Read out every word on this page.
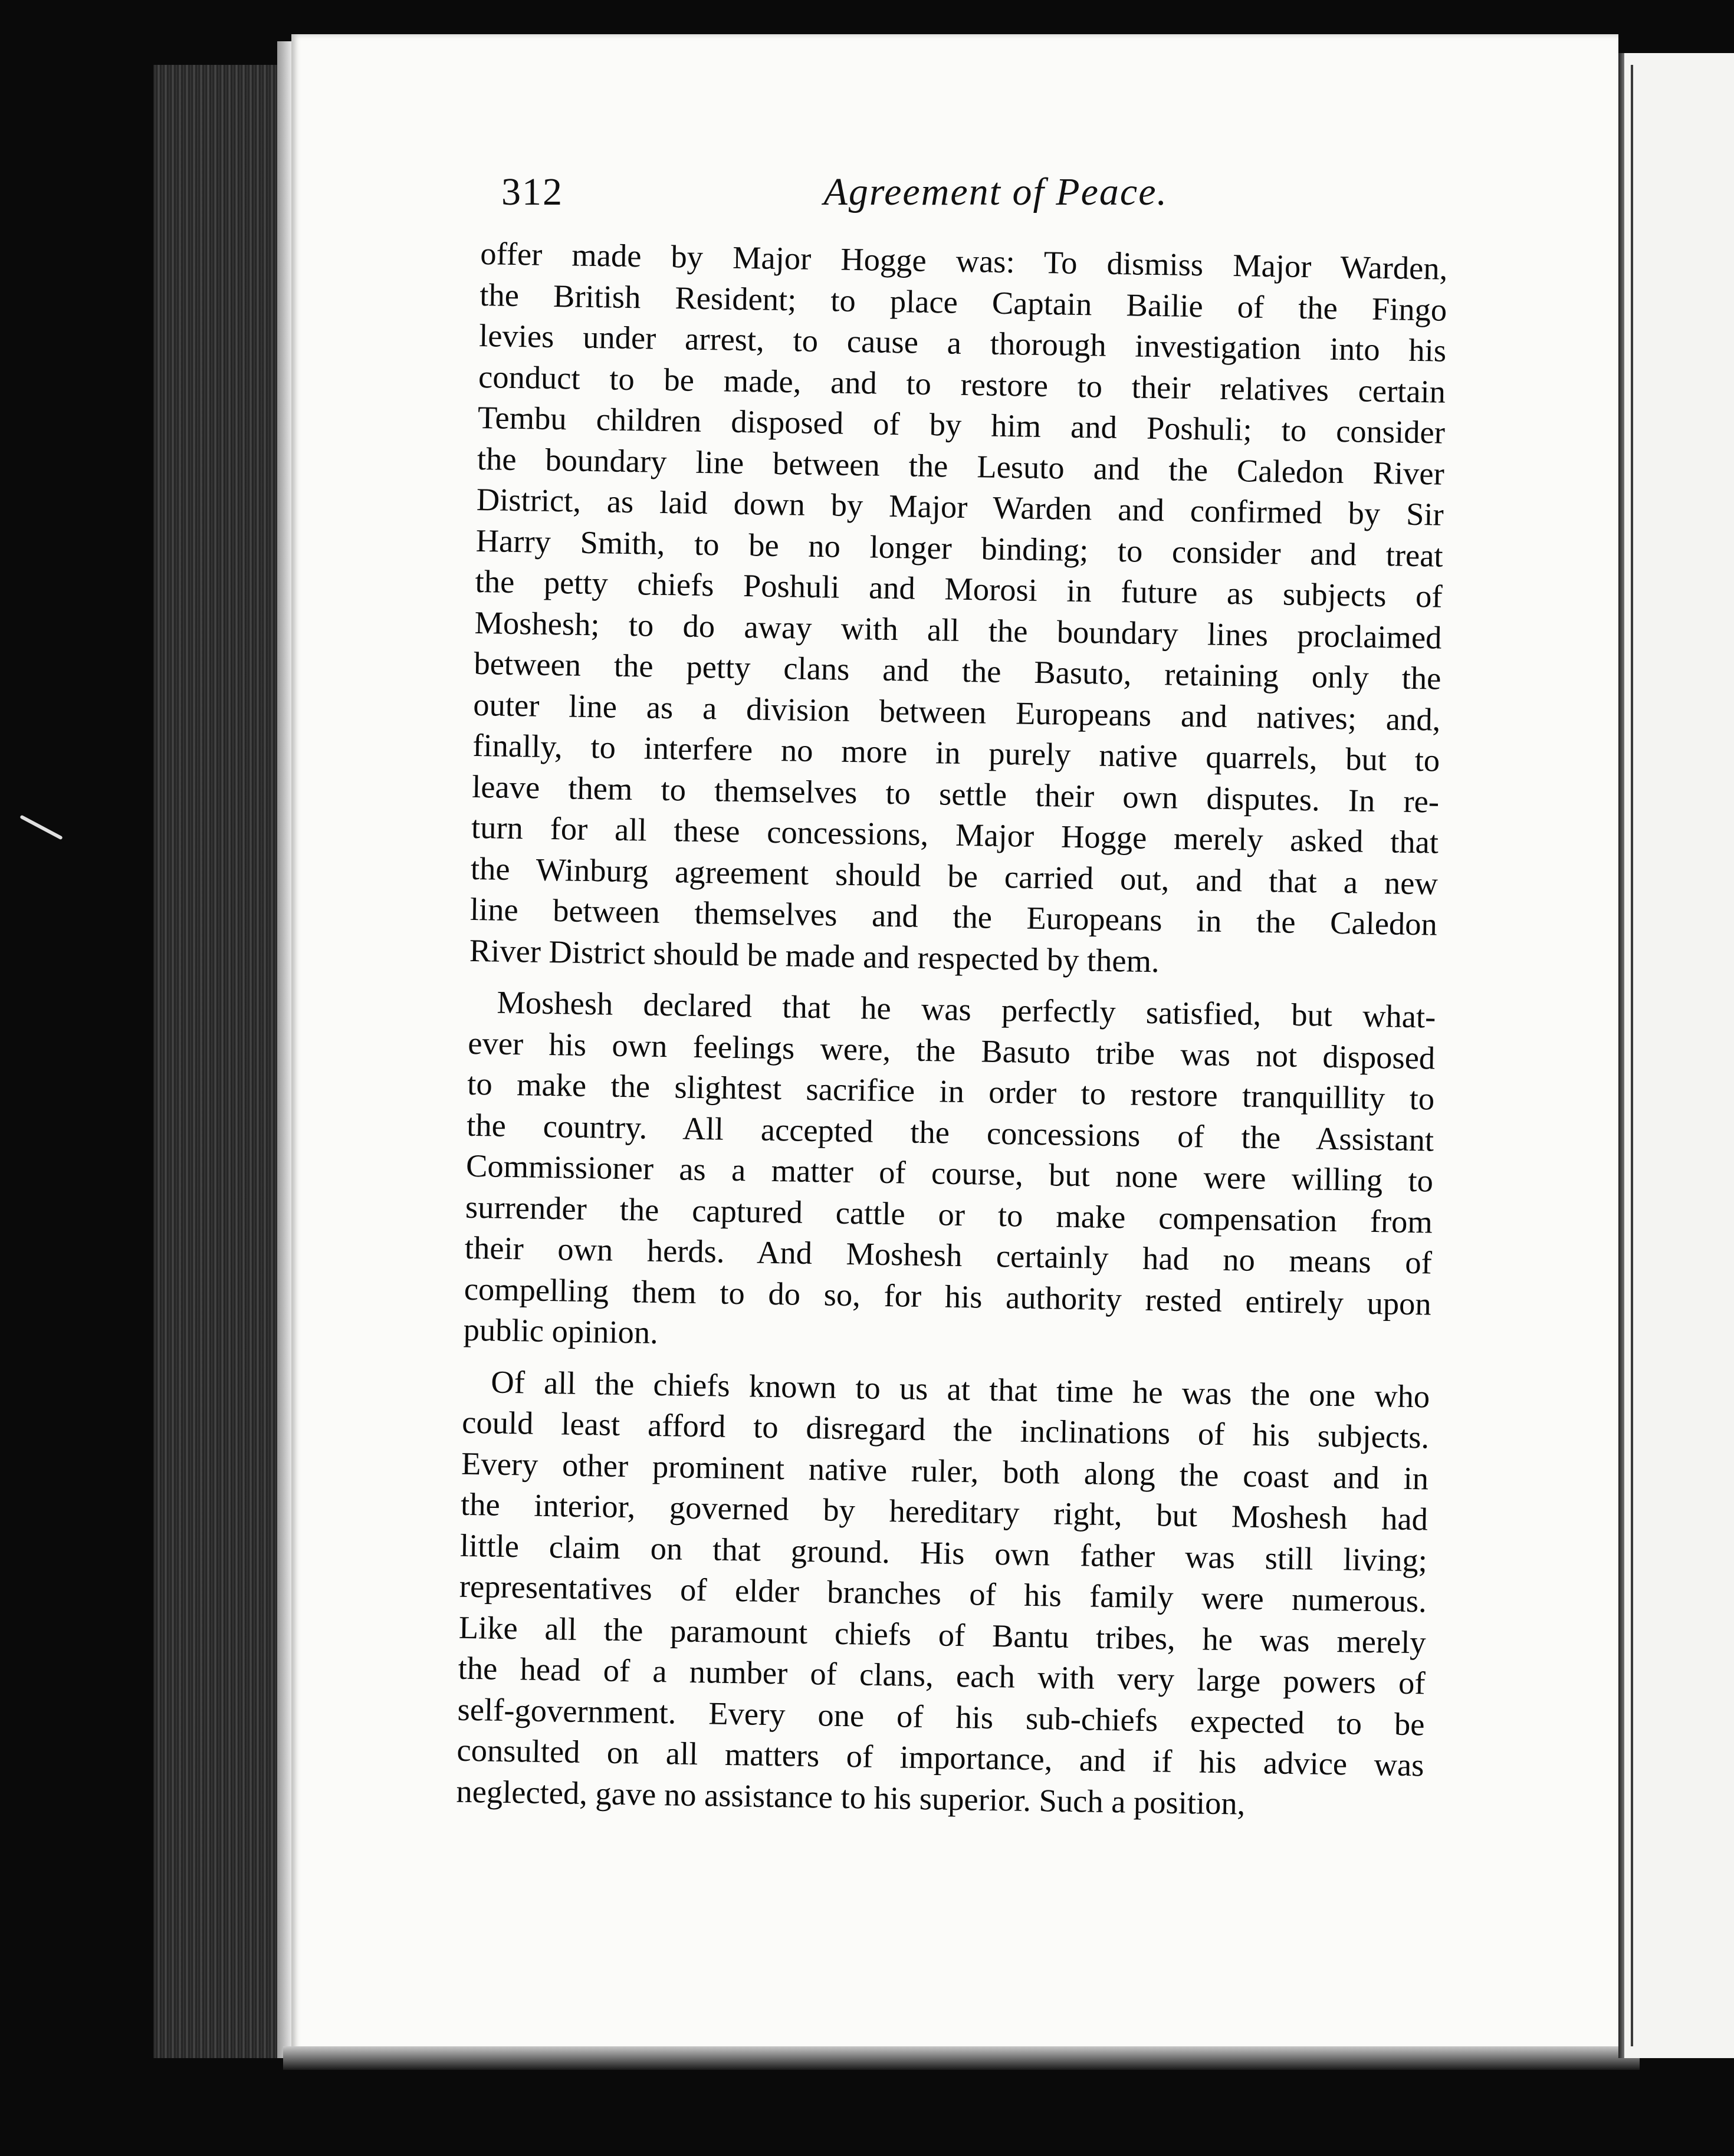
312	Agreement of Peace.
offer made by Major Hogge was: To dismiss Major Warden,
the British Resident; to place Captain Bailie of the Fingo
levies under arrest, to cause a thorough investigation into his
conduct to be made, and to restore to their relatives certain
Tembu children disposed of by him and Poshuli; to consider
the boundary line between the Lesuto and the Caledon River
District, as laid down by Major Warden and confirmed by Sir
Harry Smith, to be no longer binding; to consider and treat
the petty chiefs Poshuli and Morosi in future as subjects of
Moshesh; to do away with all the boundary lines proclaimed
between the petty clans and the Basuto, retaining only the
outer line as a division between Europeans and natives; and,
finally, to interfere no more in purely native quarrels, but to
leave them to themselves to settle their own disputes. In re-
turn for all these concessions, Major Hogge merely asked that
the Winburg agreement should be carried out, and that a new
line between themselves and the Europeans in the Caledon
River District should be made and respected by them.
Moshesh declared that he was perfectly satisfied, but what-
ever his own feelings were, the Basuto tribe was not disposed
to make the slightest sacrifice in order to restore tranquillity to
the country. All accepted the concessions of the Assistant
Commissioner as a matter of course, but none were willing to
surrender the captured cattle or to make compensation from
their own herds. And Moshesh certainly had no means of
compelling them to do so, for his authority rested entirely upon
public opinion.
Of all the chiefs known to us at that time he was the one who
could least afford to disregard the inclinations of his subjects.
Every other prominent native ruler, both along the coast and in
the interior, governed by hereditary right, but Moshesh had
little claim on that ground. His own father was still living;
representatives of elder branches of his family were numerous.
Like all the paramount chiefs of Bantu tribes, he was merely
the head of a number of clans, each with very large powers of
self-government. Every one of his sub-chiefs expected to be
consulted on all matters of importance, and if his advice was
neglected, gave no assistance to his superior. Such a position,
